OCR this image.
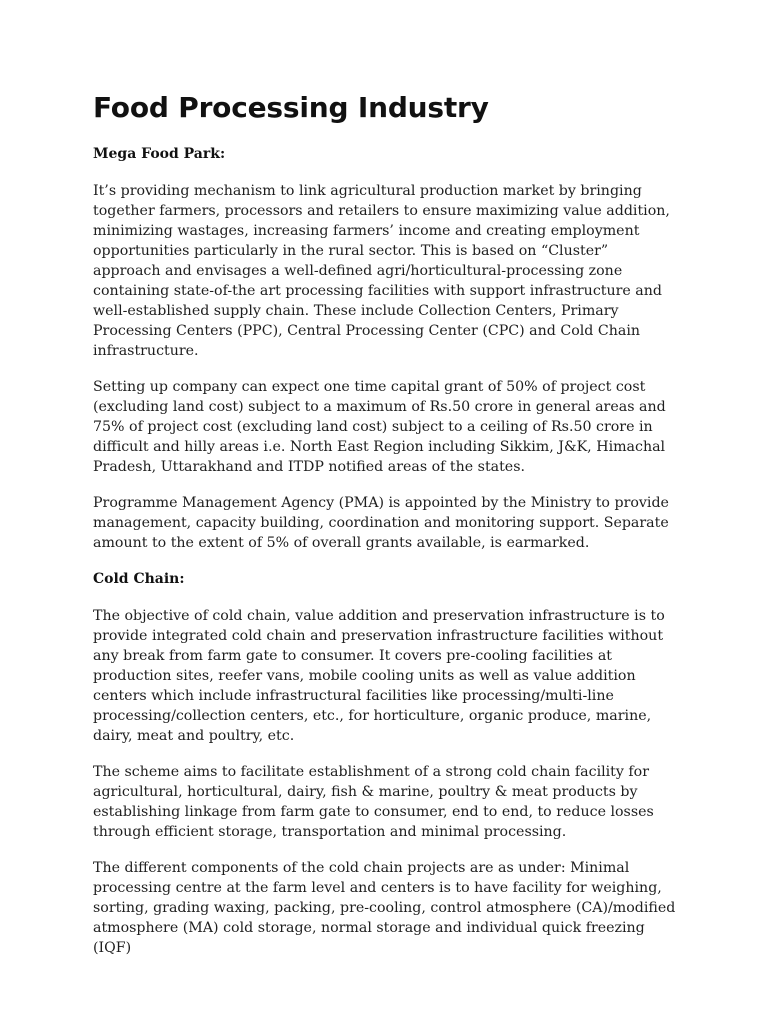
Food Processing Industry
Mega Food Park:

It’s providing mechanism to link agricultural production market by bringing together farmers, processors and retailers to ensure maximizing value addition, minimizing wastages, increasing farmers’ income and creating employment opportunities particularly in the rural sector. This is based on “Cluster” approach and envisages a well-defined agri/horticultural-processing zone containing state-of-the art processing facilities with support infrastructure and well-established supply chain. These include Collection Centers, Primary Processing Centers (PPC), Central Processing Center (CPC) and Cold Chain infrastructure.

Setting up company can expect one time capital grant of 50% of project cost (excluding land cost) subject to a maximum of Rs.50 crore in general areas and 75% of project cost (excluding land cost) subject to a ceiling of Rs.50 crore in difficult and hilly areas i.e. North East Region including Sikkim, J&K, Himachal Pradesh, Uttarakhand and ITDP notified areas of the states.

Programme Management Agency (PMA) is appointed by the Ministry to provide management, capacity building, coordination and monitoring support. Separate amount to the extent of 5% of overall grants available, is earmarked.

Cold Chain:

The objective of cold chain, value addition and preservation infrastructure is to provide integrated cold chain and preservation infrastructure facilities without any break from farm gate to consumer. It covers pre-cooling facilities at production sites, reefer vans, mobile cooling units as well as value addition centers which include infrastructural facilities like processing/multi-line processing/collection centers, etc., for horticulture, organic produce, marine, dairy, meat and poultry, etc.

The scheme aims to facilitate establishment of a strong cold chain facility for agricultural, horticultural, dairy, fish & marine, poultry & meat products by establishing linkage from farm gate to consumer, end to end, to reduce losses through efficient storage, transportation and minimal processing.

The different components of the cold chain projects are as under: Minimal processing centre at the farm level and centers is to have facility for weighing, sorting, grading waxing, packing, pre-cooling, control atmosphere (CA)/modified atmosphere (MA) cold storage, normal storage and individual quick freezing (IQF)
